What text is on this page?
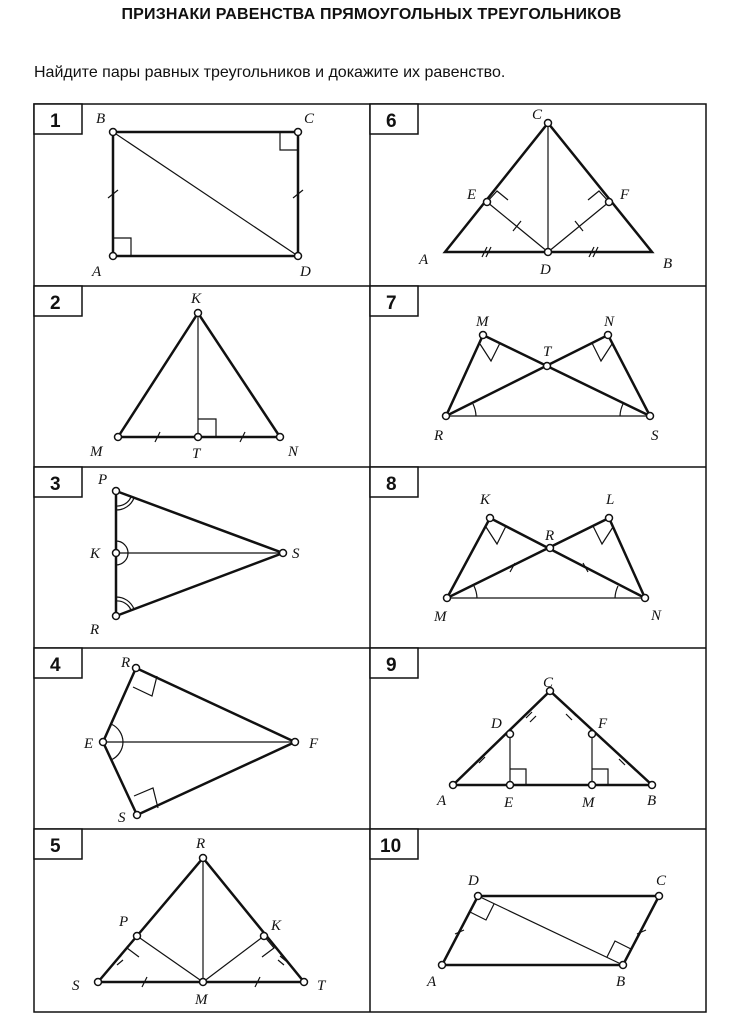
ПРИЗНАКИ РАВЕНСТВА ПРЯМОУГОЛЬНЫХ ТРЕУГОЛЬНИКОВ
Найдите пары равных треугольников и докажите их равенство.
1	6
2	7
3	8
4	9
5	10
B	C
A	D
C
E	F
A
D	B
K
M	T	N
M	N
T
R	S
P
K	S
R
K	L
R
M	N
R
E	F
S
C
D	F
A	E	M	B
R
P	K
S
M
T
D	C
A	B
